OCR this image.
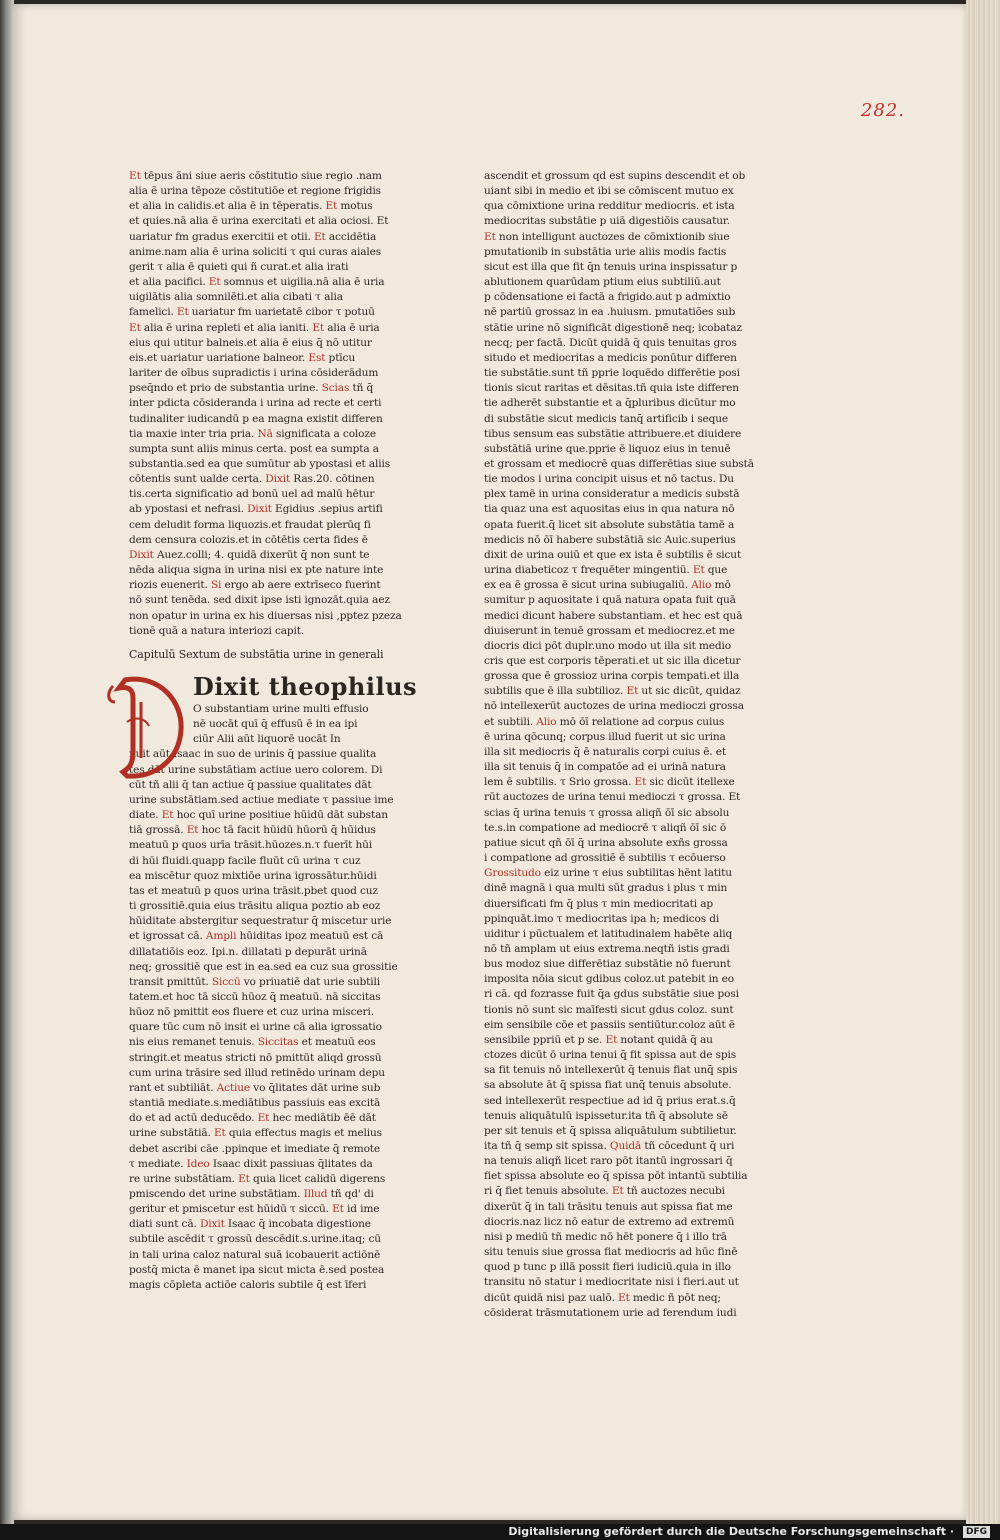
282.

Et tēpus āni siue aeris cōstitutio siue regio .nam

alia ē urina tēpoze cōstitutiōe et regione frigidis

et alia in calidis.et alia ē in tēperatis. Et motus

et quies.nā alia ē urina exercitati et alia ociosi. Et

uariatur fm gradus exercitii et otii. Et accidētia

anime.nam alia ē urina soliciti τ qui curas aiales

gerit τ alia ē quieti qui ñ curat.et alia irati

et alia pacifici. Et somnus et uigilia.nā alia ē uria

uigilātis alia somnilēti.et alia cibati τ alia

famelici. Et uariatur fm uarietatē cibor τ potuū

Et alia ē urina repleti et alia ianiti. Et alia ē uria

eius qui utitur balneis.et alia ē eius q̄ nō utitur

eis.et uariatur uariatione balneor. Est ptīcu

lariter de oībus supradictis i urina cōsiderādum

pseq̄ndo et prio de substantia urine. Scias tñ q̄

inter pdicta cōsideranda i urina ad recte et certi

tudinaliter iudicandū p ea magna existit differen

tia maxie inter tria pria. Nā significata a coloze

sumpta sunt aliis minus certa. post ea sumpta a

substantia.sed ea que sumūtur ab ypostasi et aliis

cōtentis sunt ualde certa. Dixit Ras.20. cōtinen

tis.certa significatio ad bonū uel ad malū hētur

ab ypostasi et nefrasi. Dixit Egidius .sepius artifi

cem deludit forma liquozis.et fraudat plerūq fi

dem censura colozis.et in cōtētis certa fides ē

Dixit Auez.colli; 4. quidā dixerūt q̄ non sunt te

nēda aliqua signa in urina nisi ex pte nature inte

riozis euenerit. Si ergo ab aere extrīseco fuerint

nō sunt tenēda. sed dixit ipse isti ignozāt.quia aez

non opatur in urina ex his diuersas nisi ,pptez pzeza

tionē quā a natura interiozi capit.

Capitulū Sextum de substātia urine in generali

Dixit theophilus

O substantiam urine multi effusio

nē uocāt quī q̄ effusū ē in ea ipi

ciūr Alii aūt liquorē uocāt In

nuit aūt Isaac in suo de urinis q̄ passiue qualita

tes dāt urine substātiam actiue uero colorem. Di

cūt tñ alii q̄ tan actiue q̄ passiue qualitates dāt

urine substātiam.sed actiue mediate τ passiue ime

diate. Et hoc quī urine positiue hūidū dāt substan

tiā grossā. Et hoc tā facit hūidū hūorū q̄ hūidus

meatuū p quos urīa trāsit.hūozes.n.τ fuerīt hūi

di hūi fluidi.quapp facile fluūt cū urina τ cuz

ea miscētur quoz mixtiōe urina igrossātur.hūidi

tas et meatuū p quos urina trāsit.pbet quod cuz

ti grossitiē.quia eius trāsitu aliqua poztio ab eoz

hūiditate abstergitur sequestratur q̄ miscetur urie

et igrossat cā. Ampli hūiditas ipoz meatuū est cā

dillatatiōis eoz. Ipi.n. dillatati p depurāt urinā

neq; grossitiē que est in ea.sed ea cuz sua grossitie

transit pmittūt. Siccū vo priuatiē dat urie subtili

tatem.et hoc tā siccū hūoz q̄ meatuū. nā siccitas

hūoz nō pmittit eos fluere et cuz urina misceri.

quare tūc cum nō insit ei urine cā alia igrossatio

nis eius remanet tenuis. Siccitas et meatuū eos

stringit.et meatus stricti nō pmittūt aliqd grossū

cum urina trāsire sed illud retinēdo urinam depu

rant et subtiliāt. Actiue vo q̄litates dāt urine sub

stantiā mediate.s.mediātibus passiuis eas excitā

do et ad actū deducēdo. Et hec mediātib ēē dāt

urine substātiā. Et quia effectus magis et melius

debet ascribi cāe .ppinque et imediate q̄ remote

τ mediate. Ideo Isaac dixit passiuas q̄litates da

re urine substātiam. Et quia licet calidū digerens

pmiscendo det urine substātiam. Illud tñ qd' di

geritur et pmiscetur est hūidū τ siccū. Et id ime

diati sunt cā. Dixit Isaac q̄ incobata digestione

subtile ascēdit τ grossū descēdit.s.urine.itaq; cū

in tali urina caloz natural suā icobauerit actiōnē

postq̄ micta ē manet ipa sicut micta ē.sed postea

magis cōpleta actiōe caloris subtile q̄ est īferi

ascendit et grossum qd est supins descendit et ob

uiant sibi in medio et ibi se cōmiscent mutuo ex

qua cōmixtione urina redditur mediocris. et ista

mediocritas substātie p uiā digestiōis causatur.

Et non intelligunt auctozes de cōmixtionib siue

pmutationib in substātia urie aliis modis factis

sicut est illa que fit q̄n tenuis urina inspissatur p

ablutionem quarūdam ptium eius subtiliū.aut

p cōdensatione ei factā a frigido.aut p admixtio

nē partiū grossaz in ea .huiusm. pmutatiōes sub

stātie urine nō significāt digestionē neq; icobataz

necq; per factā. Dicūt quidā q̄ quis tenuitas gros

situdo et mediocritas a medicis ponūtur differen

tie substātie.sunt tñ pprie loquēdo differētie posi

tionis sicut raritas et dēsitas.tñ quia iste differen

tie adherēt substantie et a q̄pluribus dicūtur mo

di substātie sicut medicis tanq̄ artificib i seque

tibus sensum eas substātie attribuere.et diuidere

substātiā urine que.pprie ē liquoz eius in tenuē

et grossam et mediocrē quas differētias siue substā

tie modos i urina concipit uisus et nō tactus. Du

plex tamē in urina consideratur a medicis substā

tia quaz una est aquositas eius in qua natura nō

opata fuerit.q̄ licet sit absolute substātia tamē a

medicis nō ōī habere substātiā sic Auic.superius

dixit de urina ouiū et que ex ista ē subtilis ē sicut

urina diabeticoz τ frequēter mingentiū. Et que

ex ea ē grossa ē sicut urina subiugaliū. Alio mō

sumitur p aquositate i quā natura opata fuit quā

medici dicunt habere substantiam. et hec est quā

diuiserunt in tenuē grossam et mediocrez.et me

diocris dici pōt duplr.uno modo ut illa sit medio

cris que est corporis tēperati.et ut sic illa dicetur

grossa que ē grossioz urina corpis tempati.et illa

subtilis que ē illa subtilioz. Et ut sic dicūt, quidaz

nō intellexerūt auctozes de urina medioczi grossa

et subtili. Alio mō ōī relatione ad corpus cuius

ē urina qōcunq; corpus illud fuerit ut sic urina

illa sit mediocris q̄ ē naturalis corpi cuius ē. et

illa sit tenuis q̄ in compatōe ad ei urinā natura

lem ē subtilis. τ Srio grossa. Et sic dicūt itellexe

rūt auctozes de urina tenui medioczi τ grossa. Et

scias q̄ urina tenuis τ grossa aliqñ ōī sic absolu

te.s.in compatione ad mediocrē τ aliqñ ōī sic ō

patiue sicut qñ ōī q̄ urina absolute exñs grossa

i compatione ad grossitiē ē subtilis τ ecōuerso

Grossitudo eiz urine τ eius subtilitas hēnt latitu

dinē magnā i qua multi sūt gradus i plus τ min

diuersificati fm q̄ plus τ min mediocritati ap

ppinquāt.imo τ mediocritas ipa h; medicos di

uiditur i pūctualem et latitudinalem habēte aliq

nō tñ amplam ut eius extrema.neqtñ istis gradi

bus modoz siue differētiaz substātie nō fuerunt

imposita nōia sicut gdibus coloz.ut patebit in eo

ri cā. qd fozrasse fuit q̄a gdus substātie siue posi

tionis nō sunt sic maīfesti sicut gdus coloz. sunt

eim sensibile cōe et passiis sentiūtur.coloz aūt ē

sensibile ppriū et p se. Et notant quidā q̄ au

ctozes dicūt ō urina tenui q̄ fit spissa aut de spis

sa fit tenuis nō intellexerūt q̄ tenuis fiat unq̄ spis

sa absolute āt q̄ spissa fiat unq̄ tenuis absolute.

sed intellexerūt respectiue ad id q̄ prius erat.s.q̄

tenuis aliquātulū ispissetur.ita tñ q̄ absolute sē

per sit tenuis et q̄ spissa aliquātulum subtilietur.

ita tñ q̄ semp sit spissa. Quidā tñ cōcedunt q̄ uri

na tenuis aliqñ licet raro pōt itantū ingrossari q̄

fiet spissa absolute eo q̄ spissa pōt intantū subtilia

ri q̄ fiet tenuis absolute. Et tñ auctozes necubi

dixerūt q̄ in tali trāsitu tenuis aut spissa fiat me

diocris.naz licz nō eatur de extremo ad extremū

nisi p mediū tñ medic nō hēt ponere q̄ i illo trā

situ tenuis siue grossa fiat mediocris ad hūc finē

quod p tunc p illā possit fieri iudiciū.quia in illo

transitu nō statur i mediocritate nisi i fieri.aut ut

dicūt quidā nisi paz ualō. Et medic ñ pōt neq;

cōsiderat trāsmutationem urie ad ferendum iudi

Digitalisierung gefördert durch die Deutsche Forschungsgemeinschaft ·	DFG
